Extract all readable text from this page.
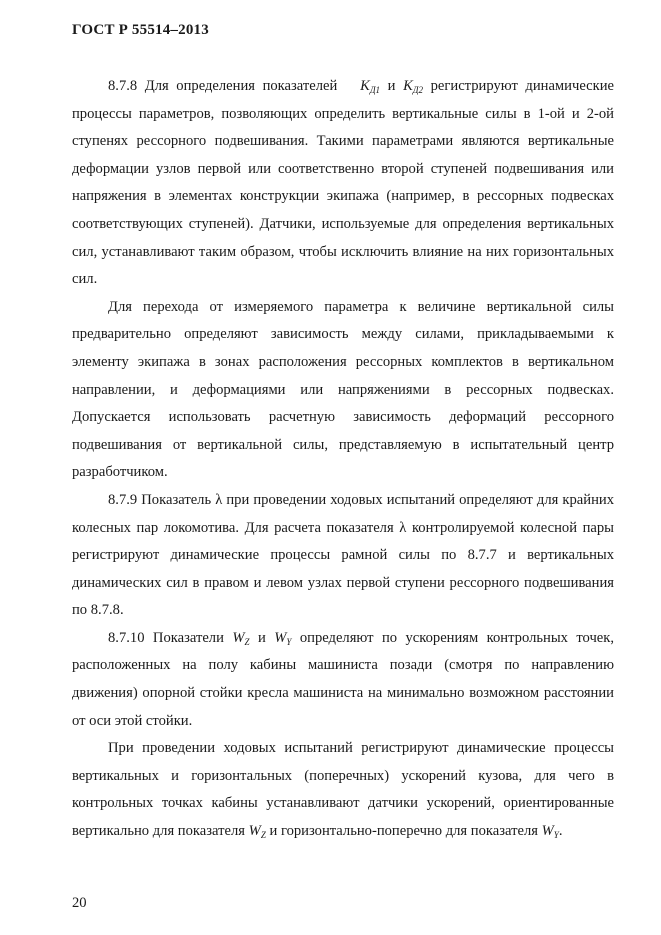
ГОСТ Р 55514–2013

8.7.8 Для определения показателей $K_{Д1}$ и $K_{Д2}$ регистрируют динамические процессы параметров, позволяющих определить вертикальные силы в 1-ой и 2-ой ступенях рессорного подвешивания. Такими параметрами являются вертикальные деформации узлов первой или соответственно второй ступеней подвешивания или напряжения в элементах конструкции экипажа (например, в рессорных подвесках соответствующих ступеней). Датчики, используемые для определения вертикальных сил, устанавливают таким образом, чтобы исключить влияние на них горизонтальных сил.

Для перехода от измеряемого параметра к величине вертикальной силы предварительно определяют зависимость между силами, прикладываемыми к элементу экипажа в зонах расположения рессорных комплектов в вертикальном направлении, и деформациями или напряжениями в рессорных подвесках. Допускается использовать расчетную зависимость деформаций рессорного подвешивания от вертикальной силы, представляемую в испытательный центр разработчиком.

8.7.9 Показатель λ при проведении ходовых испытаний определяют для крайних колесных пар локомотива. Для расчета показателя λ контролируемой колесной пары регистрируют динамические процессы рамной силы по 8.7.7 и вертикальных динамических сил в правом и левом узлах первой ступени рессорного подвешивания по 8.7.8.

8.7.10 Показатели $W_Z$ и $W_Y$ определяют по ускорениям контрольных точек, расположенных на полу кабины машиниста позади (смотря по направлению движения) опорной стойки кресла машиниста на минимально возможном расстоянии от оси этой стойки.

При проведении ходовых испытаний регистрируют динамические процессы вертикальных и горизонтальных (поперечных) ускорений кузова, для чего в контрольных точках кабины устанавливают датчики ускорений, ориентированные вертикально для показателя $W_Z$ и горизонтально-поперечно для показателя $W_Y$.

20
